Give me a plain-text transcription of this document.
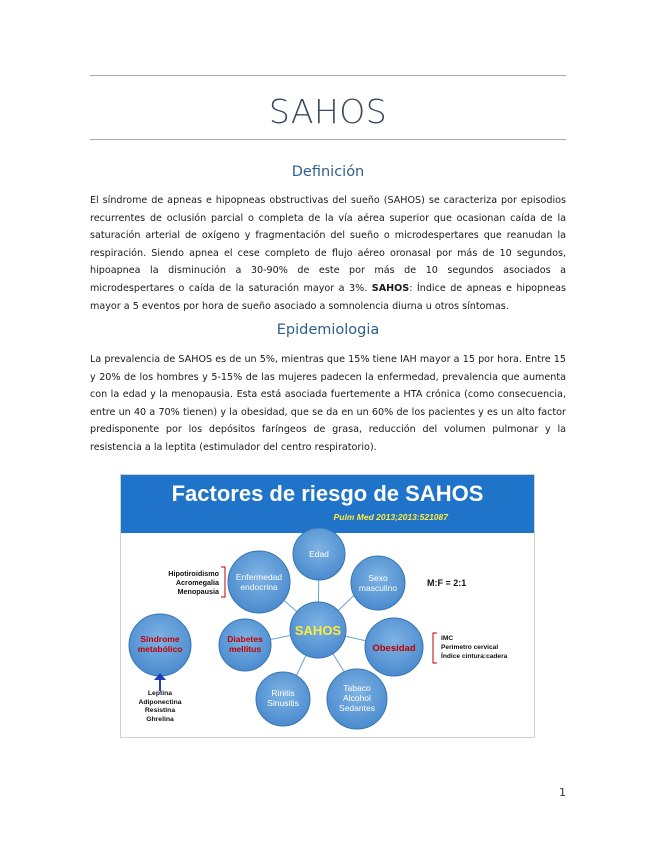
SAHOS
Definición

El síndrome de apneas e hipopneas obstructivas del sueño (SAHOS) se caracteriza por episodios recurrentes de oclusión parcial o completa de la vía aérea superior que ocasionan caída de la saturación arterial de oxígeno y fragmentación del sueño o microdespertares que reanudan la respiración. Siendo apnea el cese completo de flujo aéreo oronasal por más de 10 segundos, hipoapnea la disminución a 30-90% de este por más de 10 segundos asociados a microdespertares o caída de la saturación mayor a 3%. SAHOS: Índice de apneas e hipopneas mayor a 5 eventos por hora de sueño asociado a somnolencia diurna u otros síntomas.

Epidemiologia

La prevalencia de SAHOS es de un 5%, mientras que 15% tiene IAH mayor a 15 por hora. Entre 15 y 20% de los hombres y 5-15% de las mujeres padecen la enfermedad, prevalencia que aumenta con la edad y la menopausia. Esta está asociada fuertemente a HTA crónica (como consecuencia, entre un 40 a 70% tienen) y la obesidad, que se da en un 60% de los pacientes y es un alto factor predisponente por los depósitos faríngeos de grasa, reducción del volumen pulmonar y la resistencia a la leptita (estimulador del centro respiratorio).

Factores de riesgo de SAHOS
Pulm Med 2013;2013:521087
SAHOS
Edad
Sexo
masculino
Obesidad
Tabaco
Alcohol
Sedantes
Rinitis
Sinusitis
Diabetes
mellitus
Enfermedad
endocrina
Síndrome
metabólico
Hipotiroidismo
Acromegalia
Menopausia
M:F = 2:1
IMC
Perímetro cervical
Índice cintura:cadera
Leptina
Adiponectina
Resistina
Ghrelina
1
